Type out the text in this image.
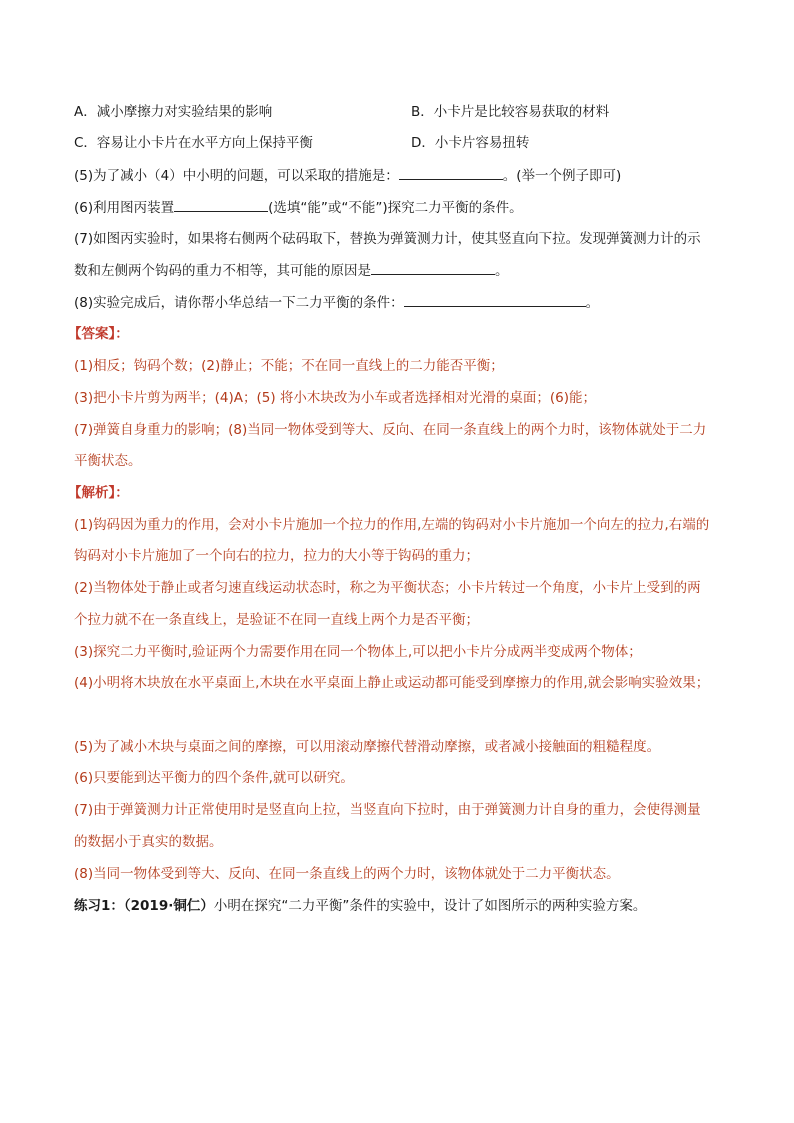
A．减小摩擦力对实验结果的影响	B．小卡片是比较容易获取的材料
C．容易让小卡片在水平方向上保持平衡	D．小卡片容易扭转
(5)为了减小（4）中小明的问题，可以采取的措施是：	。(举一个例子即可)
(6)利用图丙装置	(选填“能”或“不能”)探究二力平衡的条件。
(7)如图丙实验时，如果将右侧两个砝码取下，替换为弹簧测力计，使其竖直向下拉。发现弹簧测力计的示
数和左侧两个钩码的重力不相等，其可能的原因是	。
(8)实验完成后，请你帮小华总结一下二力平衡的条件：	。
【答案】：
(1)相反；钩码个数；(2)静止；不能；不在同一直线上的二力能否平衡；
(3)把小卡片剪为两半；(4)A；(5) 将小木块改为小车或者选择相对光滑的桌面；(6)能；
(7)弹簧自身重力的影响；(8)当同一物体受到等大、反向、在同一条直线上的两个力时，该物体就处于二力
平衡状态。
【解析】：
(1)钩码因为重力的作用，会对小卡片施加一个拉力的作用,左端的钩码对小卡片施加一个向左的拉力,右端的
钩码对小卡片施加了一个向右的拉力，拉力的大小等于钩码的重力；
(2)当物体处于静止或者匀速直线运动状态时，称之为平衡状态；小卡片转过一个角度，小卡片上受到的两
个拉力就不在一条直线上，是验证不在同一直线上两个力是否平衡；
(3)探究二力平衡时,验证两个力需要作用在同一个物体上,可以把小卡片分成两半变成两个物体；
(4)小明将木块放在水平桌面上,木块在水平桌面上静止或运动都可能受到摩擦力的作用,就会影响实验效果；
(5)为了减小木块与桌面之间的摩擦，可以用滚动摩擦代替滑动摩擦，或者减小接触面的粗糙程度。
(6)只要能到达平衡力的四个条件,就可以研究。
(7)由于弹簧测力计正常使用时是竖直向上拉，当竖直向下拉时，由于弹簧测力计自身的重力，会使得测量
的数据小于真实的数据。
(8)当同一物体受到等大、反向、在同一条直线上的两个力时，该物体就处于二力平衡状态。
练习1：（2019·铜仁）小明在探究“二力平衡”条件的实验中，设计了如图所示的两种实验方案。
